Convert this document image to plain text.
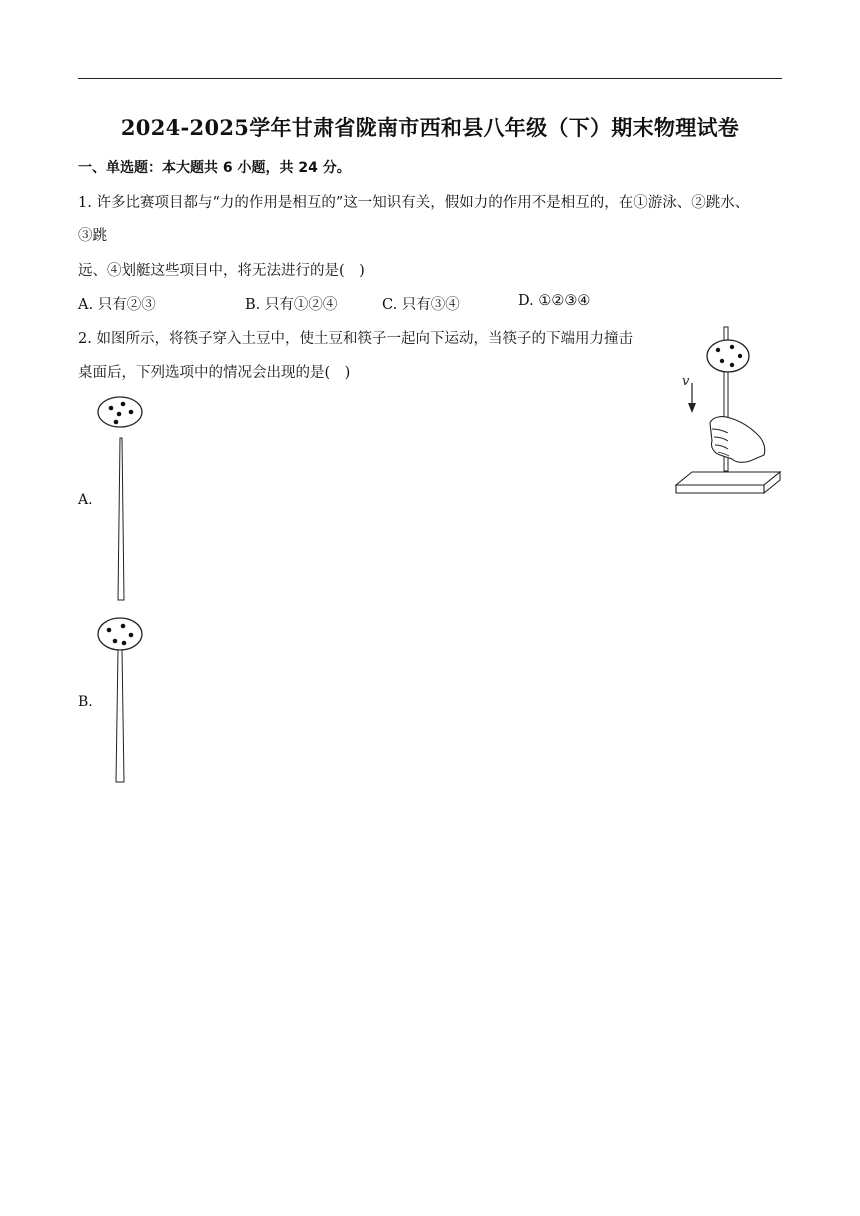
2024-2025学年甘肃省陇南市西和县八年级（下）期末物理试卷
一、单选题：本大题共 6 小题，共 24 分。
1. 许多比赛项目都与“力的作用是相互的”这一知识有关，假如力的作用不是相互的，在①游泳、②跳水、
③跳
远、④划艇这些项目中，将无法进行的是(　)
A. 只有②③	B. 只有①②④	C. 只有③④	D. ①②③④
2. 如图所示，将筷子穿入土豆中，使土豆和筷子一起向下运动，当筷子的下端用力撞击
桌面后，下列选项中的情况会出现的是(　)
v
A.
B.
